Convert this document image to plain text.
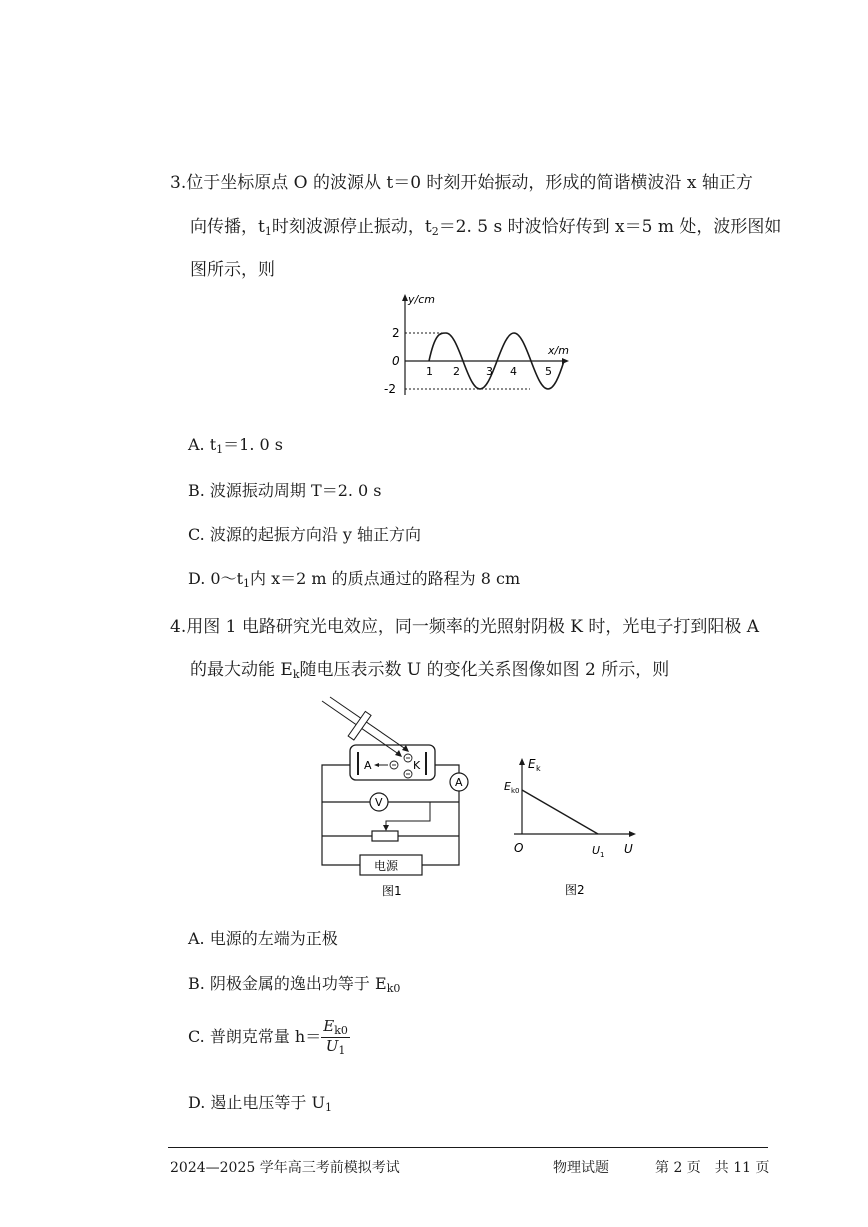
3.位于坐标原点 O 的波源从 t＝0 时刻开始振动，形成的简谐横波沿 x 轴正方
向传播，$t_1$时刻波源停止振动，$t_2=2$. 5 s 时波恰好传到 x＝5 m 处，波形图如
图所示，则
y/cm
x/m
0
2
-2
1 2 3 4	5
A. $t_1=1$. 0 s
B. 波源振动周期 T＝2. 0 s
C. 波源的起振方向沿 y 轴正方向
D. $0\sim t_1$内 x＝2 m 的质点通过的路程为 8 cm
4.用图 1 电路研究光电效应，同一频率的光照射阴极 K 时，光电子打到阳极 A
的最大动能 $E_k$随电压表示数 U 的变化关系图像如图 2 所示，则
A	K
A
V
电源
图1
E k
E k0
O	U 1 U
图2
A. 电源的左端为正极
B. 阴极金属的逸出功等于 $E_{k0}$
C. 普朗克常量 $h= \frac{E_{k0}}{U_1}$
D. 遏止电压等于 $U_1$
2024—2025 学年高三考前模拟考试	物理试题	第 2 页　共 11 页
